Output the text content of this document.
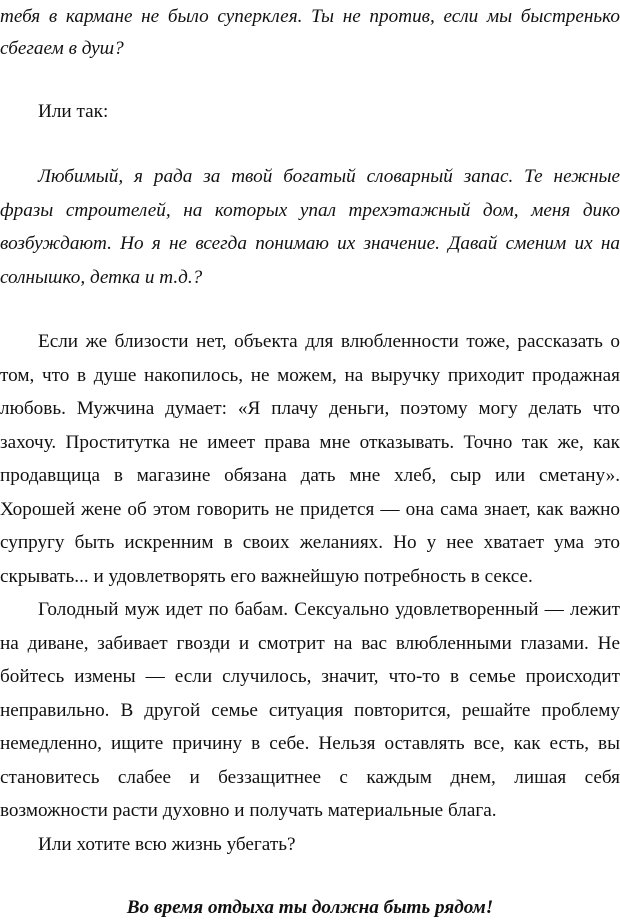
тебя в кармане не было суперклея. Ты не против, если мы быстренько
сбегаем в душ?
Или так:
Любимый, я рада за твой богатый словарный запас. Те нежные
фразы строителей, на которых упал трехэтажный дом, меня дико
возбуждают. Но я не всегда понимаю их значение. Давай сменим их на
солнышко, детка и т.д.?
Если же близости нет, объекта для влюбленности тоже, рассказать о
том, что в душе накопилось, не можем, на выручку приходит продажная
любовь. Мужчина думает: «Я плачу деньги, поэтому могу делать что
захочу. Проститутка не имеет права мне отказывать. Точно так же, как
продавщица в магазине обязана дать мне хлеб, сыр или сметану».
Хорошей жене об этом говорить не придется — она сама знает, как важно
супругу быть искренним в своих желаниях. Но у нее хватает ума это
скрывать... и удовлетворять его важнейшую потребность в сексе.
Голодный муж идет по бабам. Сексуально удовлетворенный — лежит
на диване, забивает гвозди и смотрит на вас влюбленными глазами. Не
бойтесь измены — если случилось, значит, что-то в семье происходит
неправильно. В другой семье ситуация повторится, решайте проблему
немедленно, ищите причину в себе. Нельзя оставлять все, как есть, вы
становитесь слабее и беззащитнее с каждым днем, лишая себя
возможности расти духовно и получать материальные блага.
Или хотите всю жизнь убегать?
Во время отдыха ты должна быть рядом!
